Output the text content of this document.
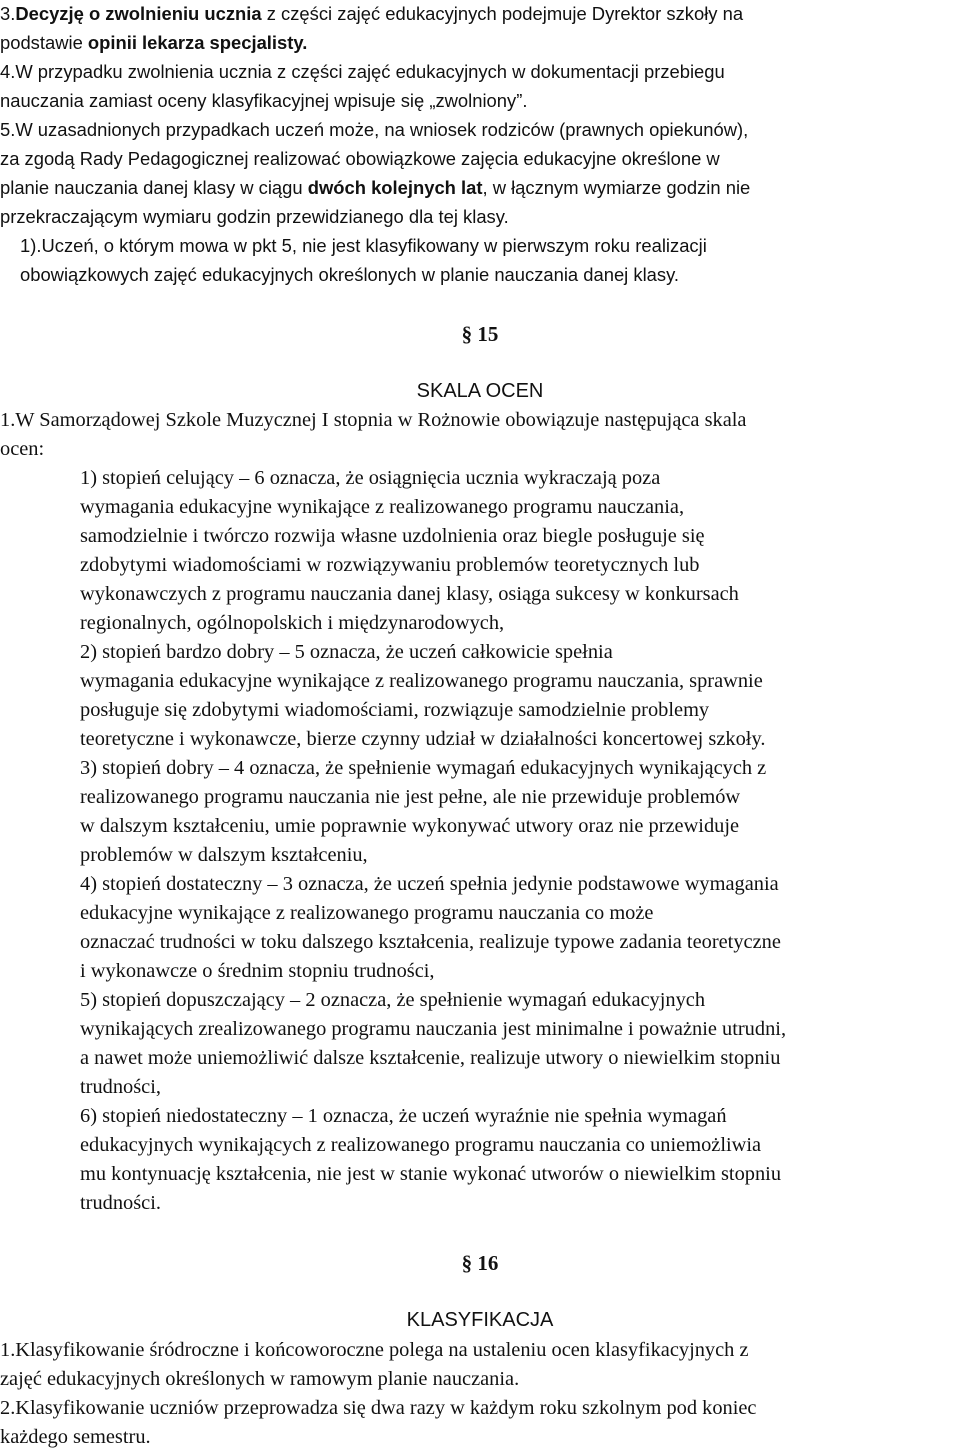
3.Decyzję o zwolnieniu ucznia z części zajęć edukacyjnych podejmuje Dyrektor szkoły na
podstawie opinii lekarza specjalisty.
4.W przypadku zwolnienia ucznia z części zajęć edukacyjnych w dokumentacji przebiegu
nauczania zamiast oceny klasyfikacyjnej wpisuje się „zwolniony”.
5.W uzasadnionych przypadkach uczeń może, na wniosek rodziców (prawnych opiekunów),
za zgodą Rady Pedagogicznej realizować obowiązkowe zajęcia edukacyjne określone w
planie nauczania danej klasy w ciągu dwóch kolejnych lat, w łącznym wymiarze godzin nie
przekraczającym wymiaru godzin przewidzianego dla tej klasy.
1).Uczeń, o którym mowa w pkt 5, nie jest klasyfikowany w pierwszym roku realizacji
obowiązkowych zajęć edukacyjnych określonych w planie nauczania danej klasy.
§ 15
SKALA OCEN
1.W Samorządowej Szkole Muzycznej I stopnia w Rożnowie obowiązuje następująca skala
ocen:
1) stopień celujący – 6 oznacza, że osiągnięcia ucznia wykraczają poza
wymagania edukacyjne wynikające z realizowanego programu nauczania,
samodzielnie i twórczo rozwija własne uzdolnienia oraz biegle posługuje się
zdobytymi wiadomościami w rozwiązywaniu problemów teoretycznych lub
wykonawczych z programu nauczania danej klasy, osiąga sukcesy w konkursach
regionalnych, ogólnopolskich i międzynarodowych,
2) stopień bardzo dobry – 5 oznacza, że uczeń całkowicie spełnia
wymagania edukacyjne wynikające z realizowanego programu nauczania, sprawnie
posługuje się zdobytymi wiadomościami, rozwiązuje samodzielnie problemy
teoretyczne i wykonawcze, bierze czynny udział w działalności koncertowej szkoły.
3) stopień dobry – 4 oznacza, że spełnienie wymagań edukacyjnych wynikających z
realizowanego programu nauczania nie jest pełne, ale nie przewiduje problemów
w dalszym kształceniu, umie poprawnie wykonywać utwory oraz nie przewiduje
problemów w dalszym kształceniu,
4) stopień dostateczny – 3 oznacza, że uczeń spełnia jedynie podstawowe wymagania
edukacyjne wynikające z realizowanego programu nauczania co może
oznaczać trudności w toku dalszego kształcenia, realizuje typowe zadania teoretyczne
i wykonawcze o średnim stopniu trudności,
5) stopień dopuszczający – 2 oznacza, że spełnienie wymagań edukacyjnych
wynikających zrealizowanego programu nauczania jest minimalne i poważnie utrudni,
a nawet może uniemożliwić dalsze kształcenie, realizuje utwory o niewielkim stopniu
trudności,
6) stopień niedostateczny – 1 oznacza, że uczeń wyraźnie nie spełnia wymagań
edukacyjnych wynikających z realizowanego programu nauczania co uniemożliwia
mu kontynuację kształcenia, nie jest w stanie wykonać utworów o niewielkim stopniu
trudności.
§ 16
KLASYFIKACJA
1.Klasyfikowanie śródroczne i końcoworoczne polega na ustaleniu ocen klasyfikacyjnych z
zajęć edukacyjnych określonych w ramowym planie nauczania.
2.Klasyfikowanie uczniów przeprowadza się dwa razy w każdym roku szkolnym pod koniec
każdego semestru.
